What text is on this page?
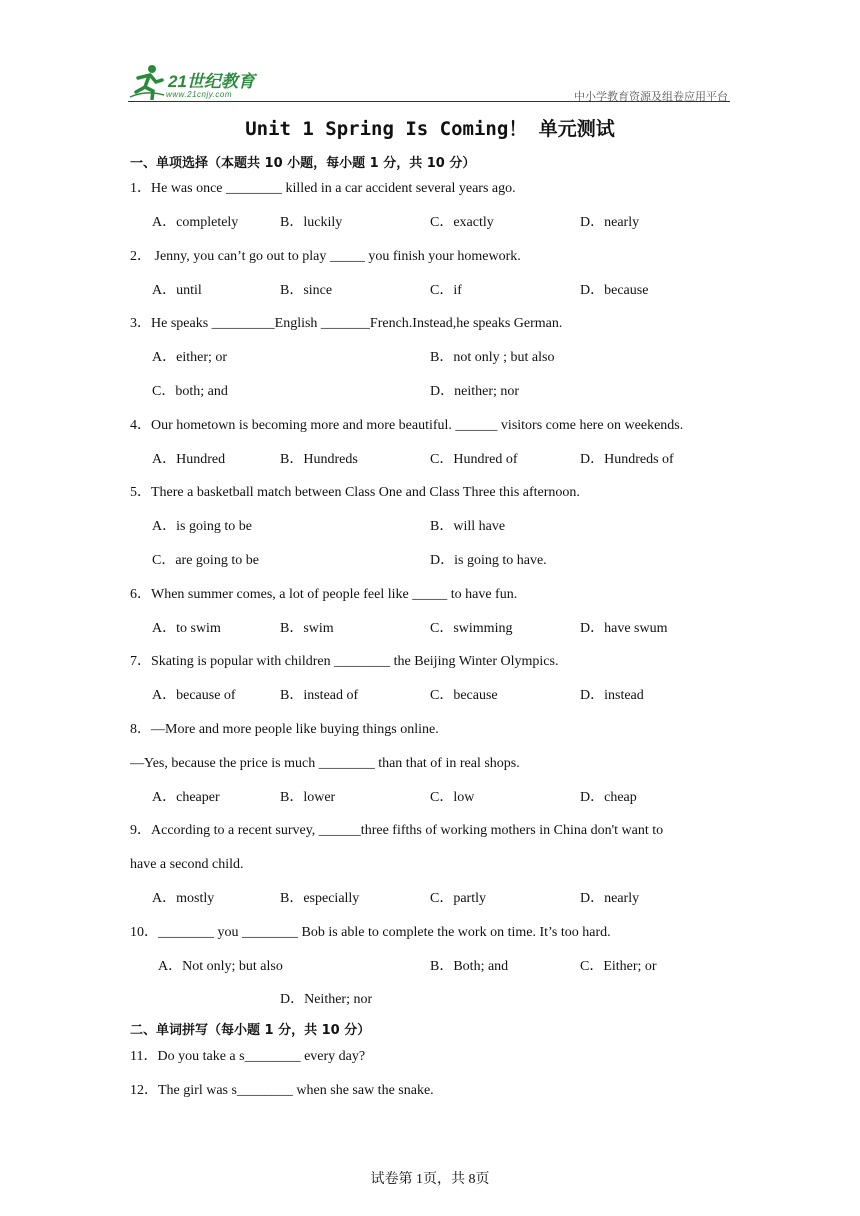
21世纪教育
www.21cnjy.com	中小学教育资源及组卷应用平台
Unit 1 Spring Is Coming！ 单元测试
一、单项选择（本题共 10 小题，每小题 1 分，共 10 分）
1．He was once ________ killed in a car accident several years ago.
A．completely	B．luckily	C．exactly	D．nearly
2． Jenny, you can’t go out to play _____ you finish your homework.
A．until	B．since	C．if	D．because
3．He speaks _________English _______French.Instead,he speaks German.
A．either; or	B．not only ; but also
C．both; and	D．neither; nor
4．Our hometown is becoming more and more beautiful. ______ visitors come here on weekends.
A．Hundred	B．Hundreds	C．Hundred of	D．Hundreds of
5．There a basketball match between Class One and Class Three this afternoon.
A．is going to be	B．will have
C．are going to be	D．is going to have.
6．When summer comes, a lot of people feel like _____ to have fun.
A．to swim	B．swim	C．swimming	D．have swum
7．Skating is popular with children ________ the Beijing Winter Olympics.
A．because of	B．instead of	C．because	D．instead
8．—More and more people like buying things online.
—Yes, because the price is much ________ than that of in real shops.
A．cheaper	B．lower	C．low	D．cheap
9．According to a recent survey, ______three fifths of working mothers in China don't want to
have a second child.
A．mostly	B．especially	C．partly	D．nearly
10．________ you ________ Bob is able to complete the work on time. It’s too hard.
A．Not only; but also	B．Both; and	C．Either; or
D．Neither; nor
二、单词拼写（每小题 1 分，共 10 分）
11．Do you take a s________ every day?
12．The girl was s________ when she saw the snake.
试卷第 1页，共 8页
